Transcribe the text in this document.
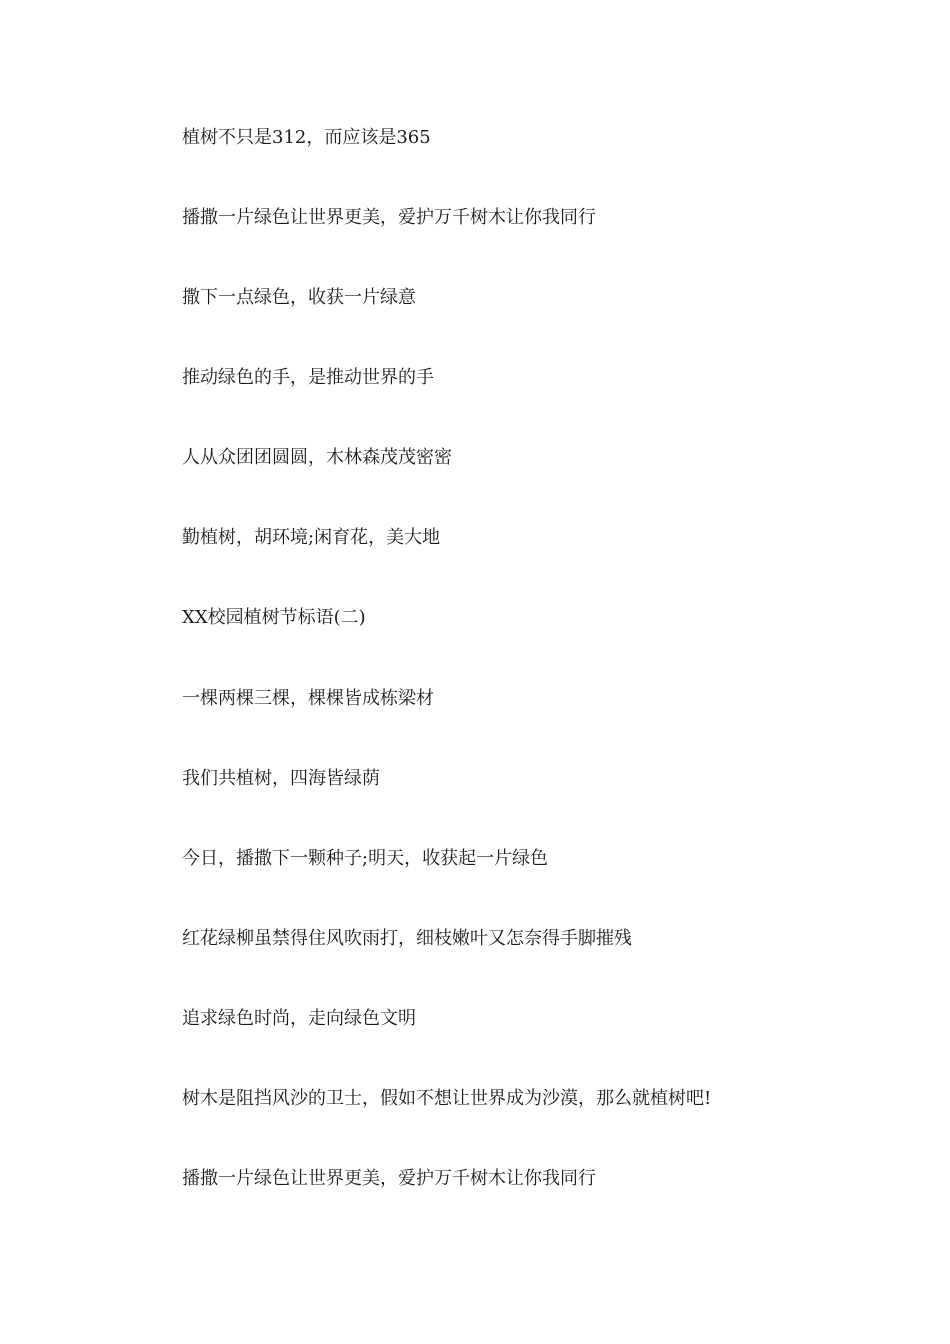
植树不只是312，而应该是365

播撒一片绿色让世界更美，爱护万千树木让你我同行

撒下一点绿色，收获一片绿意

推动绿色的手，是推动世界的手

人从众团团圆圆，木林森茂茂密密

勤植树，胡环境;闲育花，美大地

XX校园植树节标语(二)

一棵两棵三棵，棵棵皆成栋梁材

我们共植树，四海皆绿荫

今日，播撒下一颗种子;明天，收获起一片绿色

红花绿柳虽禁得住风吹雨打，细枝嫩叶又怎奈得手脚摧残

追求绿色时尚，走向绿色文明

树木是阻挡风沙的卫士，假如不想让世界成为沙漠，那么就植树吧!

播撒一片绿色让世界更美，爱护万千树木让你我同行
